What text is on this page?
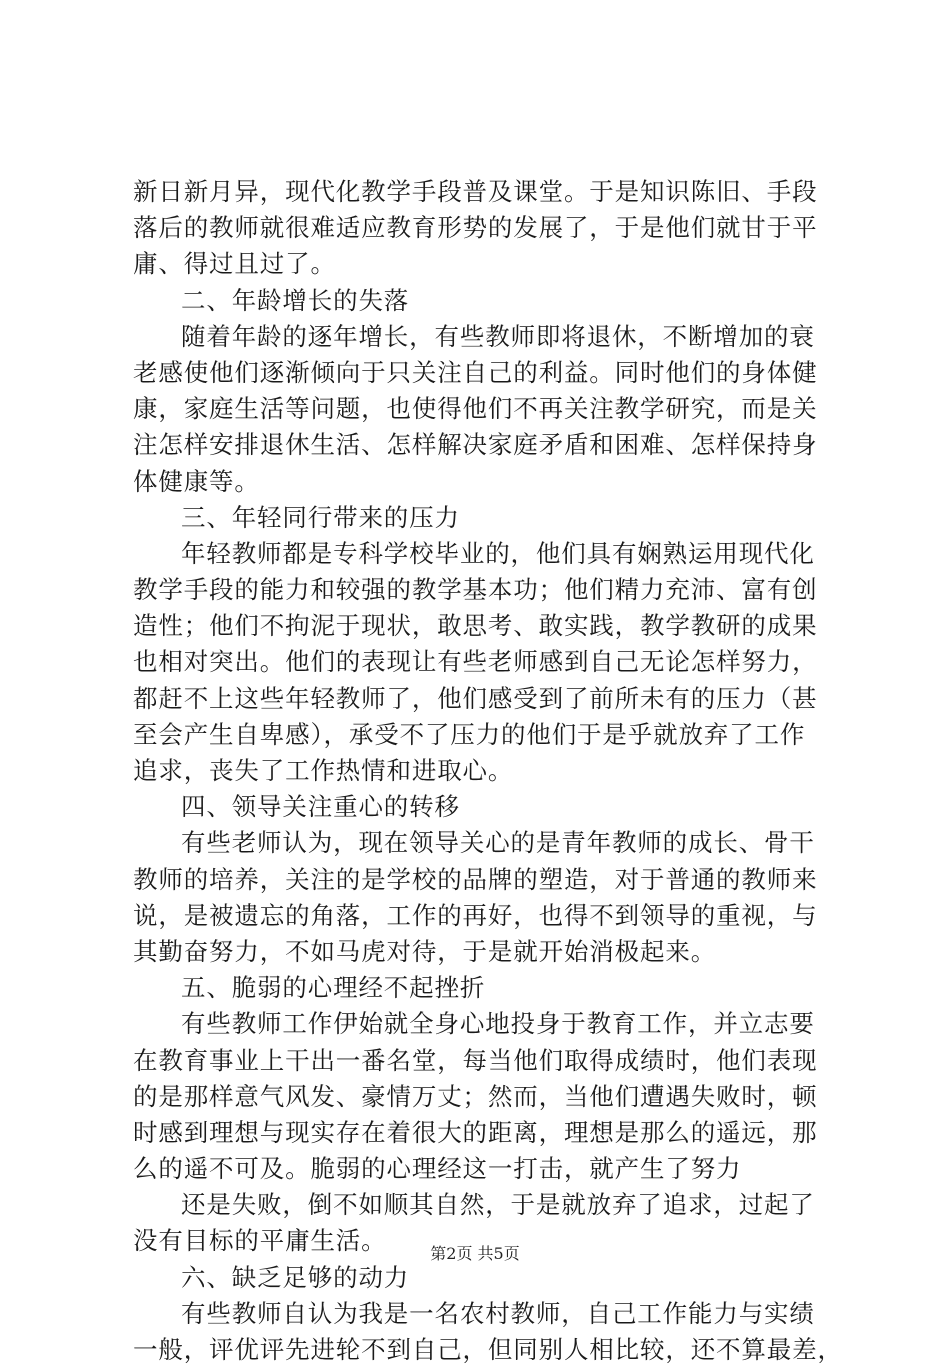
新日新月异，现代化教学手段普及课堂。于是知识陈旧、手段
落后的教师就很难适应教育形势的发展了，于是他们就甘于平
庸、得过且过了。
二、年龄增长的失落
随着年龄的逐年增长，有些教师即将退休，不断增加的衰
老感使他们逐渐倾向于只关注自己的利益。同时他们的身体健
康，家庭生活等问题，也使得他们不再关注教学研究，而是关
注怎样安排退休生活、怎样解决家庭矛盾和困难、怎样保持身
体健康等。
三、年轻同行带来的压力
年轻教师都是专科学校毕业的，他们具有娴熟运用现代化
教学手段的能力和较强的教学基本功；他们精力充沛、富有创
造性；他们不拘泥于现状，敢思考、敢实践，教学教研的成果
也相对突出。他们的表现让有些老师感到自己无论怎样努力，
都赶不上这些年轻教师了，他们感受到了前所未有的压力（甚
至会产生自卑感），承受不了压力的他们于是乎就放弃了工作
追求，丧失了工作热情和进取心。
四、领导关注重心的转移
有些老师认为，现在领导关心的是青年教师的成长、骨干
教师的培养，关注的是学校的品牌的塑造，对于普通的教师来
说，是被遗忘的角落，工作的再好，也得不到领导的重视，与
其勤奋努力，不如马虎对待，于是就开始消极起来。
五、脆弱的心理经不起挫折
有些教师工作伊始就全身心地投身于教育工作，并立志要
在教育事业上干出一番名堂，每当他们取得成绩时，他们表现
的是那样意气风发、豪情万丈；然而，当他们遭遇失败时，顿
时感到理想与现实存在着很大的距离，理想是那么的遥远，那
么的遥不可及。脆弱的心理经这一打击，就产生了努力
还是失败，倒不如顺其自然，于是就放弃了追求，过起了
没有目标的平庸生活。
六、缺乏足够的动力
有些教师自认为我是一名农村教师，自己工作能力与实绩
一般，评优评先进轮不到自己，但同别人相比较，还不算最差，
第2页 共5页
